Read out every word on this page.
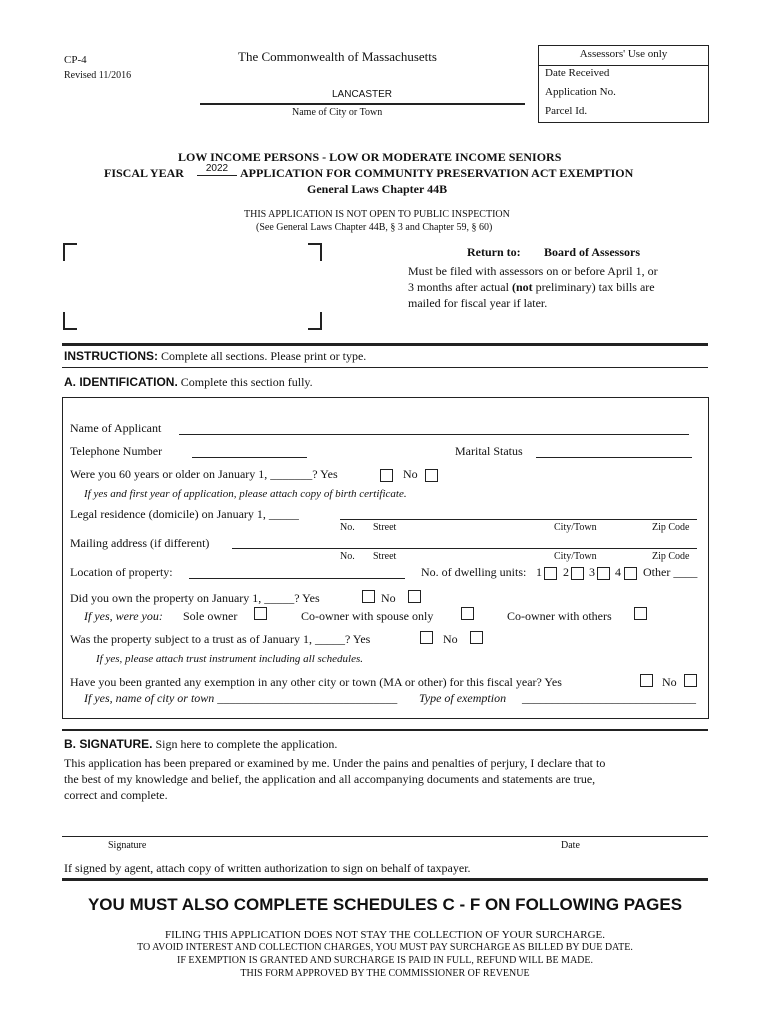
CP-4
Revised 11/2016
The Commonwealth of Massachusetts
LANCASTER
Name of City or Town
Assessors' Use only
Date Received
Application No.
Parcel Id.
LOW INCOME PERSONS - LOW OR MODERATE INCOME SENIORS
FISCAL YEAR	2022 APPLICATION FOR COMMUNITY PRESERVATION ACT EXEMPTION
General Laws Chapter 44B
THIS APPLICATION IS NOT OPEN TO PUBLIC INSPECTION
(See General Laws Chapter 44B, § 3 and Chapter 59, § 60)
Return to: Board of Assessors
Must be filed with assessors on or before April 1, or
3 months after actual (not preliminary) tax bills are
mailed for fiscal year if later.
INSTRUCTIONS: Complete all sections. Please print or type.
A. IDENTIFICATION. Complete this section fully.
Name of Applicant
Telephone Number	Marital Status
Were you 60 years or older on January 1, _______? Yes	No
If yes and first year of application, please attach copy of birth certificate.
Legal residence (domicile) on January 1, _____
No. Street	City/Town	Zip Code
Mailing address (if different)
No. Street	City/Town	Zip Code
Location of property:	No. of dwelling units: 1 2 3 4 Other ____
Did you own the property on January 1, _____? Yes	No
If yes, were you: Sole owner	Co-owner with spouse only	Co-owner with others
Was the property subject to a trust as of January 1, _____? Yes	No
If yes, please attach trust instrument including all schedules.
Have you been granted any exemption in any other city or town (MA or other) for this fiscal year? Yes	No
If yes, name of city or town ______________________________ Type of exemption _____________________________
B. SIGNATURE. Sign here to complete the application.
This application has been prepared or examined by me. Under the pains and penalties of perjury, I declare that to
the best of my knowledge and belief, the application and all accompanying documents and statements are true,
correct and complete.
Signature	Date
If signed by agent, attach copy of written authorization to sign on behalf of taxpayer.
YOU MUST ALSO COMPLETE SCHEDULES C - F ON FOLLOWING PAGES
FILING THIS APPLICATION DOES NOT STAY THE COLLECTION OF YOUR SURCHARGE.
TO AVOID INTEREST AND COLLECTION CHARGES, YOU MUST PAY SURCHARGE AS BILLED BY DUE DATE.
IF EXEMPTION IS GRANTED AND SURCHARGE IS PAID IN FULL, REFUND WILL BE MADE.
THIS FORM APPROVED BY THE COMMISSIONER OF REVENUE
